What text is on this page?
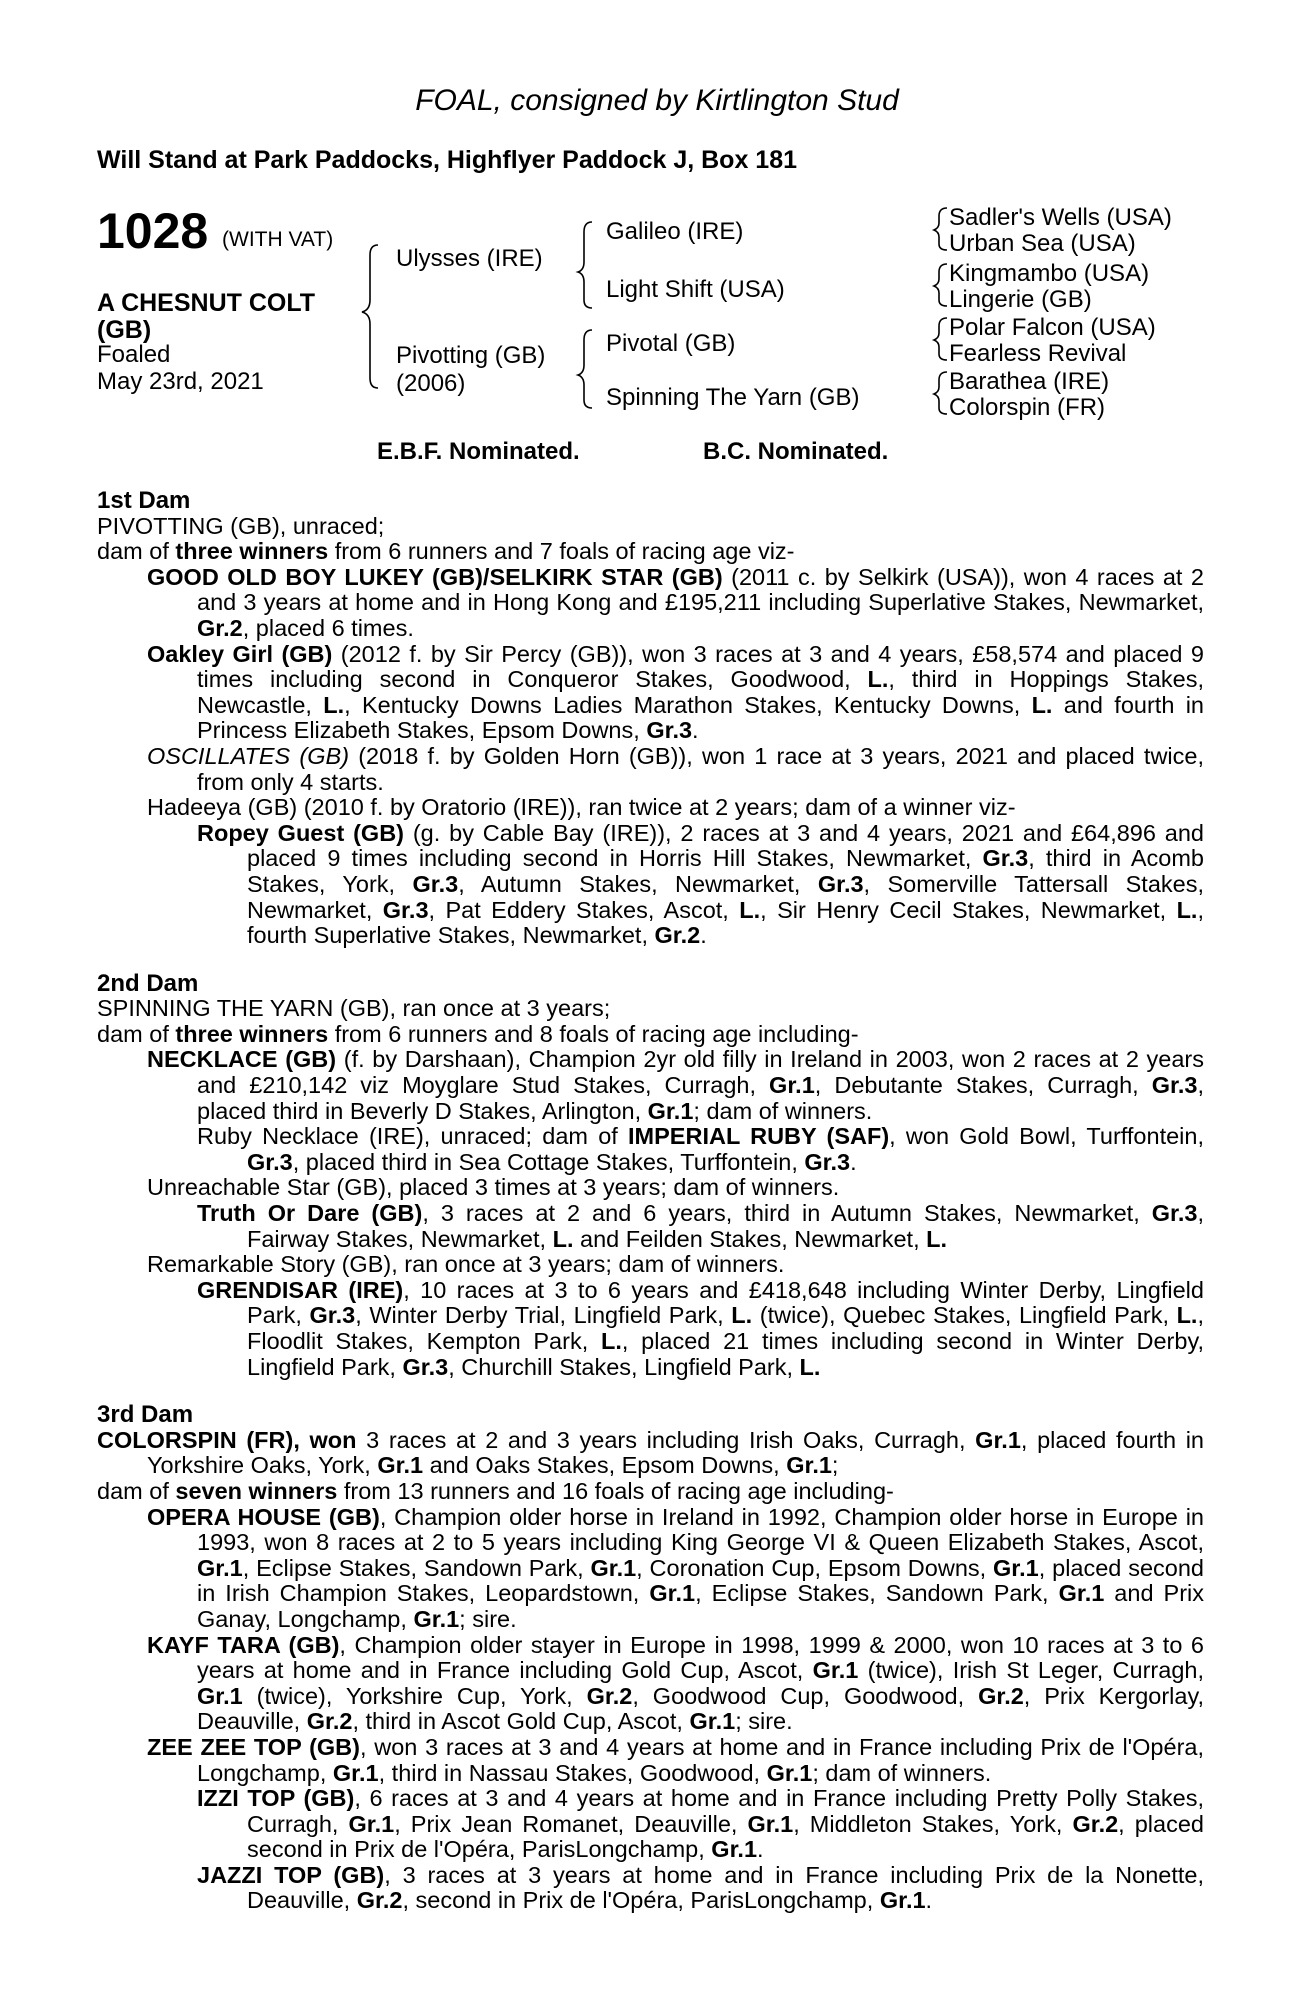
FOAL, consigned by Kirtlington Stud
Will Stand at Park Paddocks, Highflyer Paddock J, Box 181
1028 (WITH VAT)
A CHESNUT COLT
(GB)
Foaled
May 23rd, 2021
Ulysses (IRE)
Pivotting (GB)
(2006)
Galileo (IRE)
Light Shift (USA)
Pivotal (GB)
Spinning The Yarn (GB)
Sadler's Wells (USA)
Urban Sea (USA)
Kingmambo (USA)
Lingerie (GB)
Polar Falcon (USA)
Fearless Revival
Barathea (IRE)
Colorspin (FR)
E.B.F. Nominated.	B.C. Nominated.

1st Dam

PIVOTTING (GB), unraced;

dam of three winners from 6 runners and 7 foals of racing age viz-

GOOD OLD BOY LUKEY (GB)/SELKIRK STAR (GB) (2011 c. by Selkirk (USA)), won 4 races at 2 and 3 years at home and in Hong Kong and £195,211 including Superlative Stakes, Newmarket, Gr.2, placed 6 times.

Oakley Girl (GB) (2012 f. by Sir Percy (GB)), won 3 races at 3 and 4 years, £58,574 and placed 9 times including second in Conqueror Stakes, Goodwood, L., third in Hoppings Stakes, Newcastle, L., Kentucky Downs Ladies Marathon Stakes, Kentucky Downs, L. and fourth in Princess Elizabeth Stakes, Epsom Downs, Gr.3.

OSCILLATES (GB) (2018 f. by Golden Horn (GB)), won 1 race at 3 years, 2021 and placed twice, from only 4 starts.

Hadeeya (GB) (2010 f. by Oratorio (IRE)), ran twice at 2 years; dam of a winner viz-

Ropey Guest (GB) (g. by Cable Bay (IRE)), 2 races at 3 and 4 years, 2021 and £64,896 and placed 9 times including second in Horris Hill Stakes, Newmarket, Gr.3, third in Acomb Stakes, York, Gr.3, Autumn Stakes, Newmarket, Gr.3, Somerville Tattersall Stakes, Newmarket, Gr.3, Pat Eddery Stakes, Ascot, L., Sir Henry Cecil Stakes, Newmarket, L., fourth Superlative Stakes, Newmarket, Gr.2.

2nd Dam

SPINNING THE YARN (GB), ran once at 3 years;

dam of three winners from 6 runners and 8 foals of racing age including-

NECKLACE (GB) (f. by Darshaan), Champion 2yr old filly in Ireland in 2003, won 2 races at 2 years and £210,142 viz Moyglare Stud Stakes, Curragh, Gr.1, Debutante Stakes, Curragh, Gr.3, placed third in Beverly D Stakes, Arlington, Gr.1; dam of winners.

Ruby Necklace (IRE), unraced; dam of IMPERIAL RUBY (SAF), won Gold Bowl, Turffontein, Gr.3, placed third in Sea Cottage Stakes, Turffontein, Gr.3.

Unreachable Star (GB), placed 3 times at 3 years; dam of winners.

Truth Or Dare (GB), 3 races at 2 and 6 years, third in Autumn Stakes, Newmarket, Gr.3, Fairway Stakes, Newmarket, L. and Feilden Stakes, Newmarket, L.

Remarkable Story (GB), ran once at 3 years; dam of winners.

GRENDISAR (IRE), 10 races at 3 to 6 years and £418,648 including Winter Derby, Lingfield Park, Gr.3, Winter Derby Trial, Lingfield Park, L. (twice), Quebec Stakes, Lingfield Park, L., Floodlit Stakes, Kempton Park, L., placed 21 times including second in Winter Derby, Lingfield Park, Gr.3, Churchill Stakes, Lingfield Park, L.

3rd Dam

COLORSPIN (FR), won 3 races at 2 and 3 years including Irish Oaks, Curragh, Gr.1, placed fourth in Yorkshire Oaks, York, Gr.1 and Oaks Stakes, Epsom Downs, Gr.1;

dam of seven winners from 13 runners and 16 foals of racing age including-

OPERA HOUSE (GB), Champion older horse in Ireland in 1992, Champion older horse in Europe in 1993, won 8 races at 2 to 5 years including King George VI & Queen Elizabeth Stakes, Ascot, Gr.1, Eclipse Stakes, Sandown Park, Gr.1, Coronation Cup, Epsom Downs, Gr.1, placed second in Irish Champion Stakes, Leopardstown, Gr.1, Eclipse Stakes, Sandown Park, Gr.1 and Prix Ganay, Longchamp, Gr.1; sire.

KAYF TARA (GB), Champion older stayer in Europe in 1998, 1999 & 2000, won 10 races at 3 to 6 years at home and in France including Gold Cup, Ascot, Gr.1 (twice), Irish St Leger, Curragh, Gr.1 (twice), Yorkshire Cup, York, Gr.2, Goodwood Cup, Goodwood, Gr.2, Prix Kergorlay, Deauville, Gr.2, third in Ascot Gold Cup, Ascot, Gr.1; sire.

ZEE ZEE TOP (GB), won 3 races at 3 and 4 years at home and in France including Prix de l'Opéra, Longchamp, Gr.1, third in Nassau Stakes, Goodwood, Gr.1; dam of winners.

IZZI TOP (GB), 6 races at 3 and 4 years at home and in France including Pretty Polly Stakes, Curragh, Gr.1, Prix Jean Romanet, Deauville, Gr.1, Middleton Stakes, York, Gr.2, placed second in Prix de l'Opéra, ParisLongchamp, Gr.1.

JAZZI TOP (GB), 3 races at 3 years at home and in France including Prix de la Nonette, Deauville, Gr.2, second in Prix de l'Opéra, ParisLongchamp, Gr.1.
